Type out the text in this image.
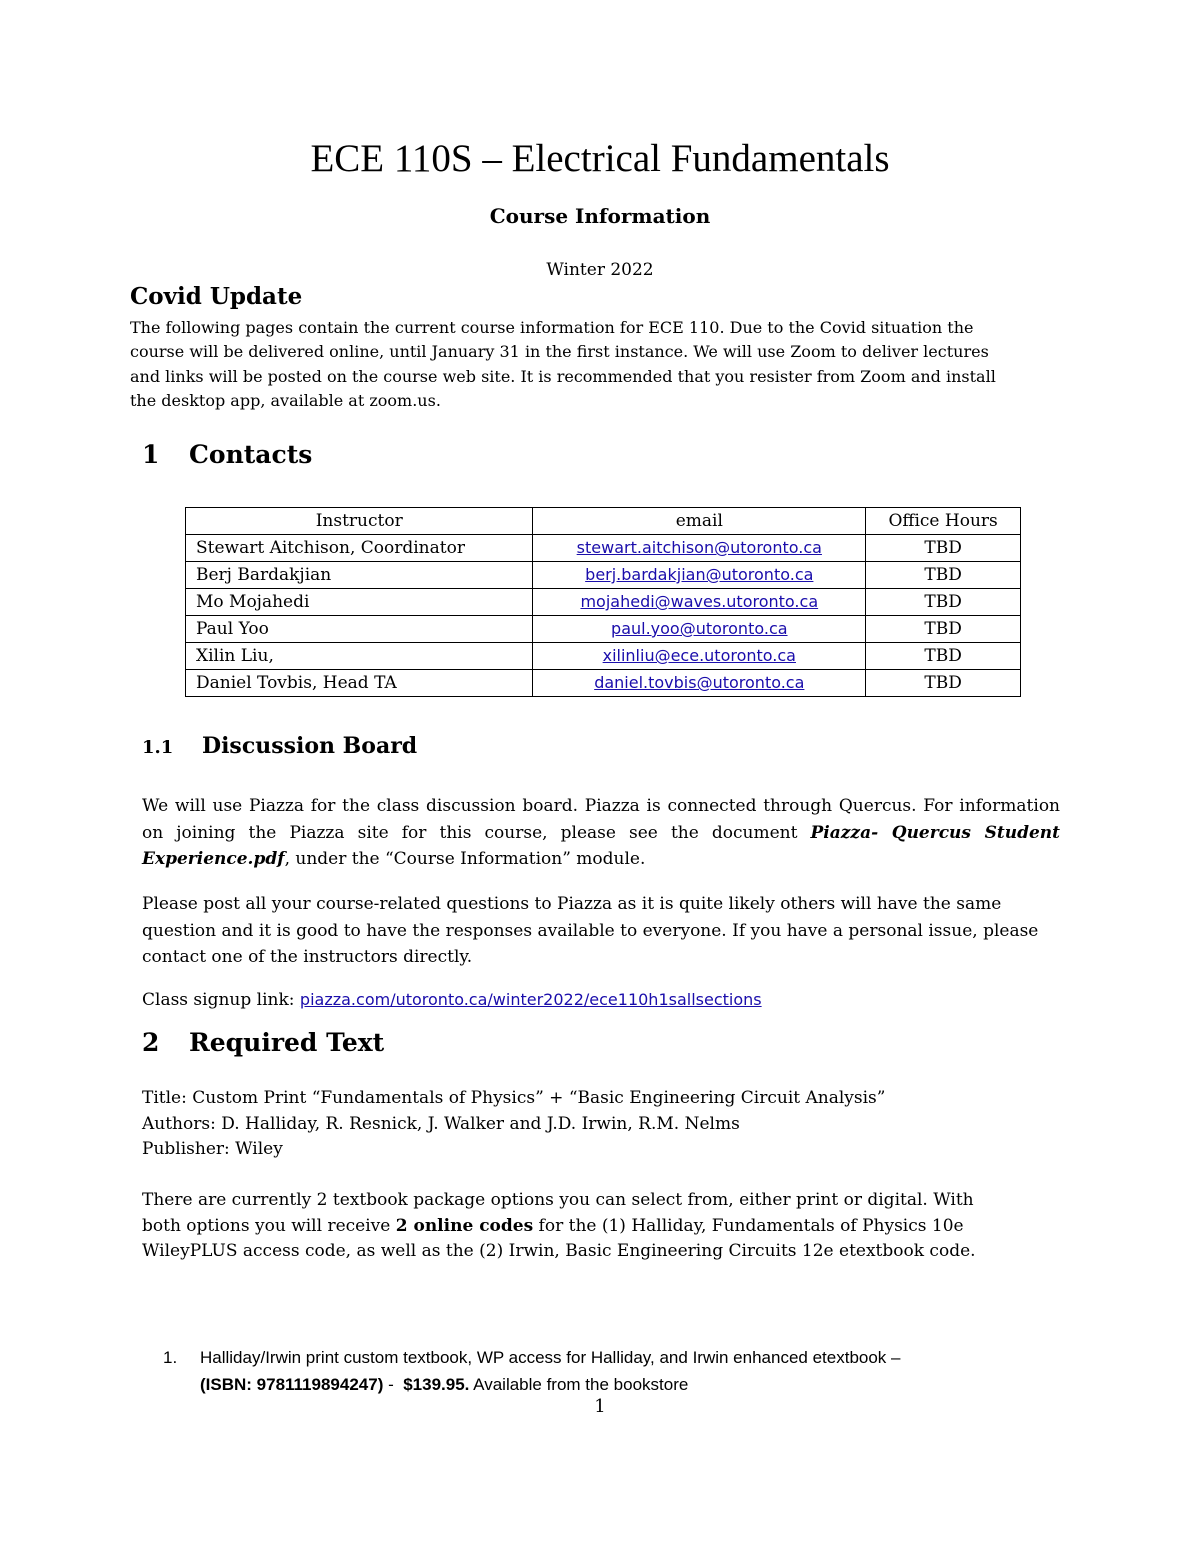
ECE 110S – Electrical Fundamentals
Course Information
Winter 2022
Covid Update
The following pages contain the current course information for ECE 110. Due to the Covid situation the
course will be delivered online, until January 31 in the first instance. We will use Zoom to deliver lectures
and links will be posted on the course web site. It is recommended that you resister from Zoom and install
the desktop app, available at zoom.us.
1 Contacts
Instructor	email	Office Hours
Stewart Aitchison, Coordinator	stewart.aitchison@utoronto.ca	TBD
Berj Bardakjian	berj.bardakjian@utoronto.ca	TBD
Mo Mojahedi	mojahedi@waves.utoronto.ca	TBD
Paul Yoo	paul.yoo@utoronto.ca	TBD
Xilin Liu,	xilinliu@ece.utoronto.ca	TBD
Daniel Tovbis, Head TA	daniel.tovbis@utoronto.ca	TBD
1.1 Discussion Board
We will use Piazza for the class discussion board. Piazza is connected through Quercus. For information on joining the Piazza site for this course, please see the document Piazza- Quercus Student Experience.pdf, under the “Course Information” module.
Please post all your course-related questions to Piazza as it is quite likely others will have the same question and it is good to have the responses available to everyone. If you have a personal issue, please contact one of the instructors directly.
Class signup link: piazza.com/utoronto.ca/winter2022/ece110h1sallsections
2 Required Text
Title: Custom Print “Fundamentals of Physics” + “Basic Engineering Circuit Analysis”
Authors: D. Halliday, R. Resnick, J. Walker and J.D. Irwin, R.M. Nelms
Publisher: Wiley
There are currently 2 textbook package options you can select from, either print or digital. With both options you will receive 2 online codes for the (1) Halliday, Fundamentals of Physics 10e WileyPLUS access code, as well as the (2) Irwin, Basic Engineering Circuits 12e etextbook code.
1. Halliday/Irwin print custom textbook, WP access for Halliday, and Irwin enhanced etextbook –
(ISBN: 9781119894247) -  $139.95. Available from the bookstore
1
